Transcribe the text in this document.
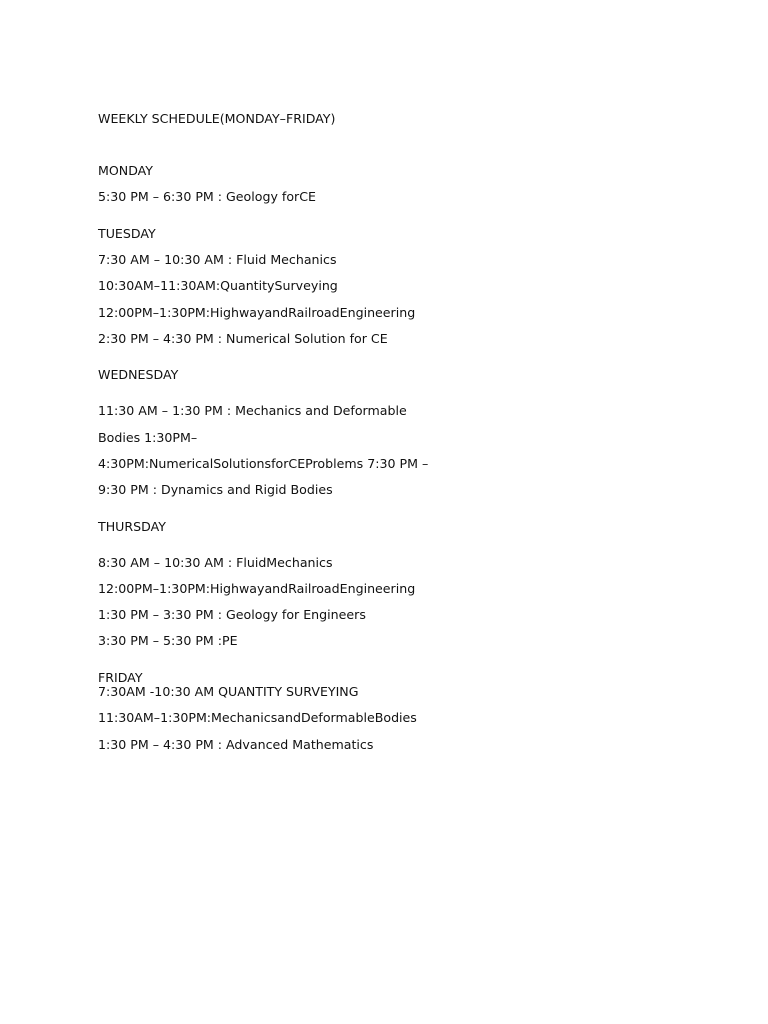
WEEKLY SCHEDULE(MONDAY–FRIDAY)
MONDAY
5:30 PM – 6:30 PM : Geology forCE
TUESDAY
7:30 AM – 10:30 AM : Fluid Mechanics
10:30AM–11:30AM:QuantitySurveying
12:00PM–1:30PM:HighwayandRailroadEngineering
2:30 PM – 4:30 PM : Numerical Solution for CE
WEDNESDAY
11:30 AM – 1:30 PM : Mechanics and Deformable
Bodies 1:30PM–
4:30PM:NumericalSolutionsforCEProblems 7:30 PM –
9:30 PM : Dynamics and Rigid Bodies
THURSDAY
8:30 AM – 10:30 AM : FluidMechanics
12:00PM–1:30PM:HighwayandRailroadEngineering
1:30 PM – 3:30 PM : Geology for Engineers
3:30 PM – 5:30 PM :PE
FRIDAY
7:30AM -10:30 AM QUANTITY SURVEYING
11:30AM–1:30PM:MechanicsandDeformableBodies
1:30 PM – 4:30 PM : Advanced Mathematics
